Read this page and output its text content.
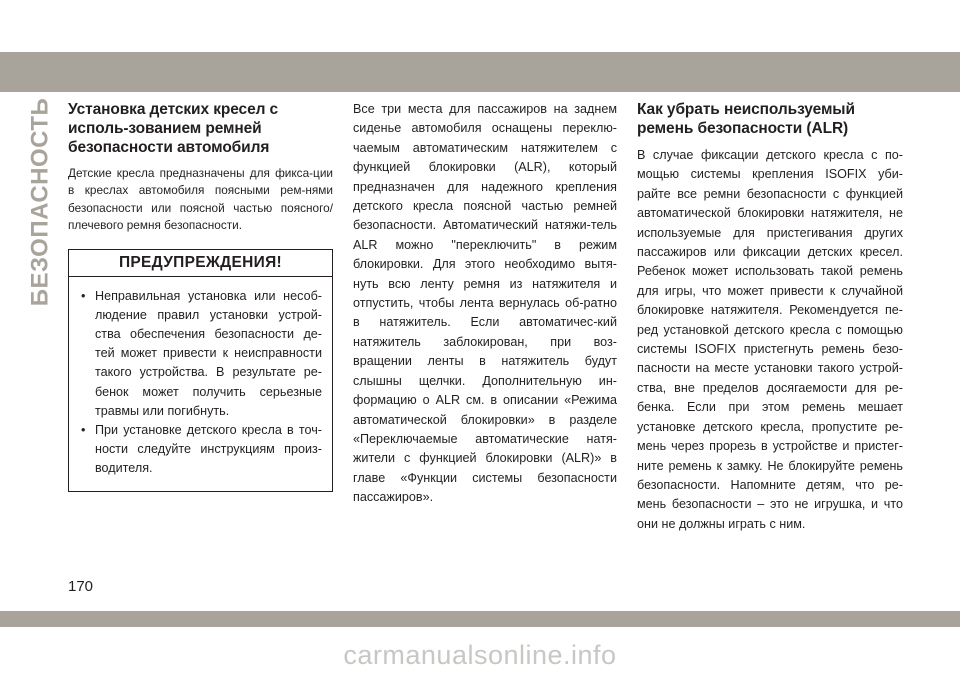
БЕЗОПАСНОСТЬ Установка детских кресел с исполь-зованием ремней безопасности автомобиля

Детские кресла предназначены для фикса-ции в креслах автомобиля поясными рем-нями безопасности или поясной частью поясного/плечевого ремня безопасности.

ПРЕДУПРЕЖДЕНИЯ!
• Неправильная установка или несоб-людение правил установки устрой-ства обеспечения безопасности де-тей может привести к неисправности такого устройства. В результате ре-бенок может получить серьезные травмы или погибнуть.
• При установке детского кресла в точ-ности следуйте инструкциям произ-водителя.

Все три места для пассажиров на заднем сиденье автомобиля оснащены переклю-чаемым автоматическим натяжителем с функцией блокировки (ALR), который предназначен для надежного крепления детского кресла поясной частью ремней безопасности. Автоматический натяжи-тель ALR можно "переключить" в режим блокировки. Для этого необходимо вытя-нуть всю ленту ремня из натяжителя и отпустить, чтобы лента вернулась об-ратно в натяжитель. Если автоматичес-кий натяжитель заблокирован, при воз-вращении ленты в натяжитель будут слышны щелчки. Дополнительную ин-формацию о ALR см. в описании «Режима автоматической блокировки» в разделе «Переключаемые автоматические натя-жители с функцией блокировки (ALR)» в главе «Функции системы безопасности пассажиров».

Как убрать неиспользуемый ремень безопасности (ALR)

В случае фиксации детского кресла с по-мощью системы крепления ISOFIX уби-райте все ремни безопасности с функцией автоматической блокировки натяжителя, не используемые для пристегивания других пассажиров или фиксации детских кресел. Ребенок может использовать такой ремень для игры, что может привести к случайной блокировке натяжителя. Рекомендуется пе-ред установкой детского кресла с помощью системы ISOFIX пристегнуть ремень безо-пасности на месте установки такого устрой-ства, вне пределов досягаемости для ре-бенка. Если при этом ремень мешает установке детского кресла, пропустите ре-мень через прорезь в устройстве и пристег-ните ремень к замку. Не блокируйте ремень безопасности. Напомните детям, что ре-мень безопасности – это не игрушка, и что они не должны играть с ним.

170
carmanualsonline.info
